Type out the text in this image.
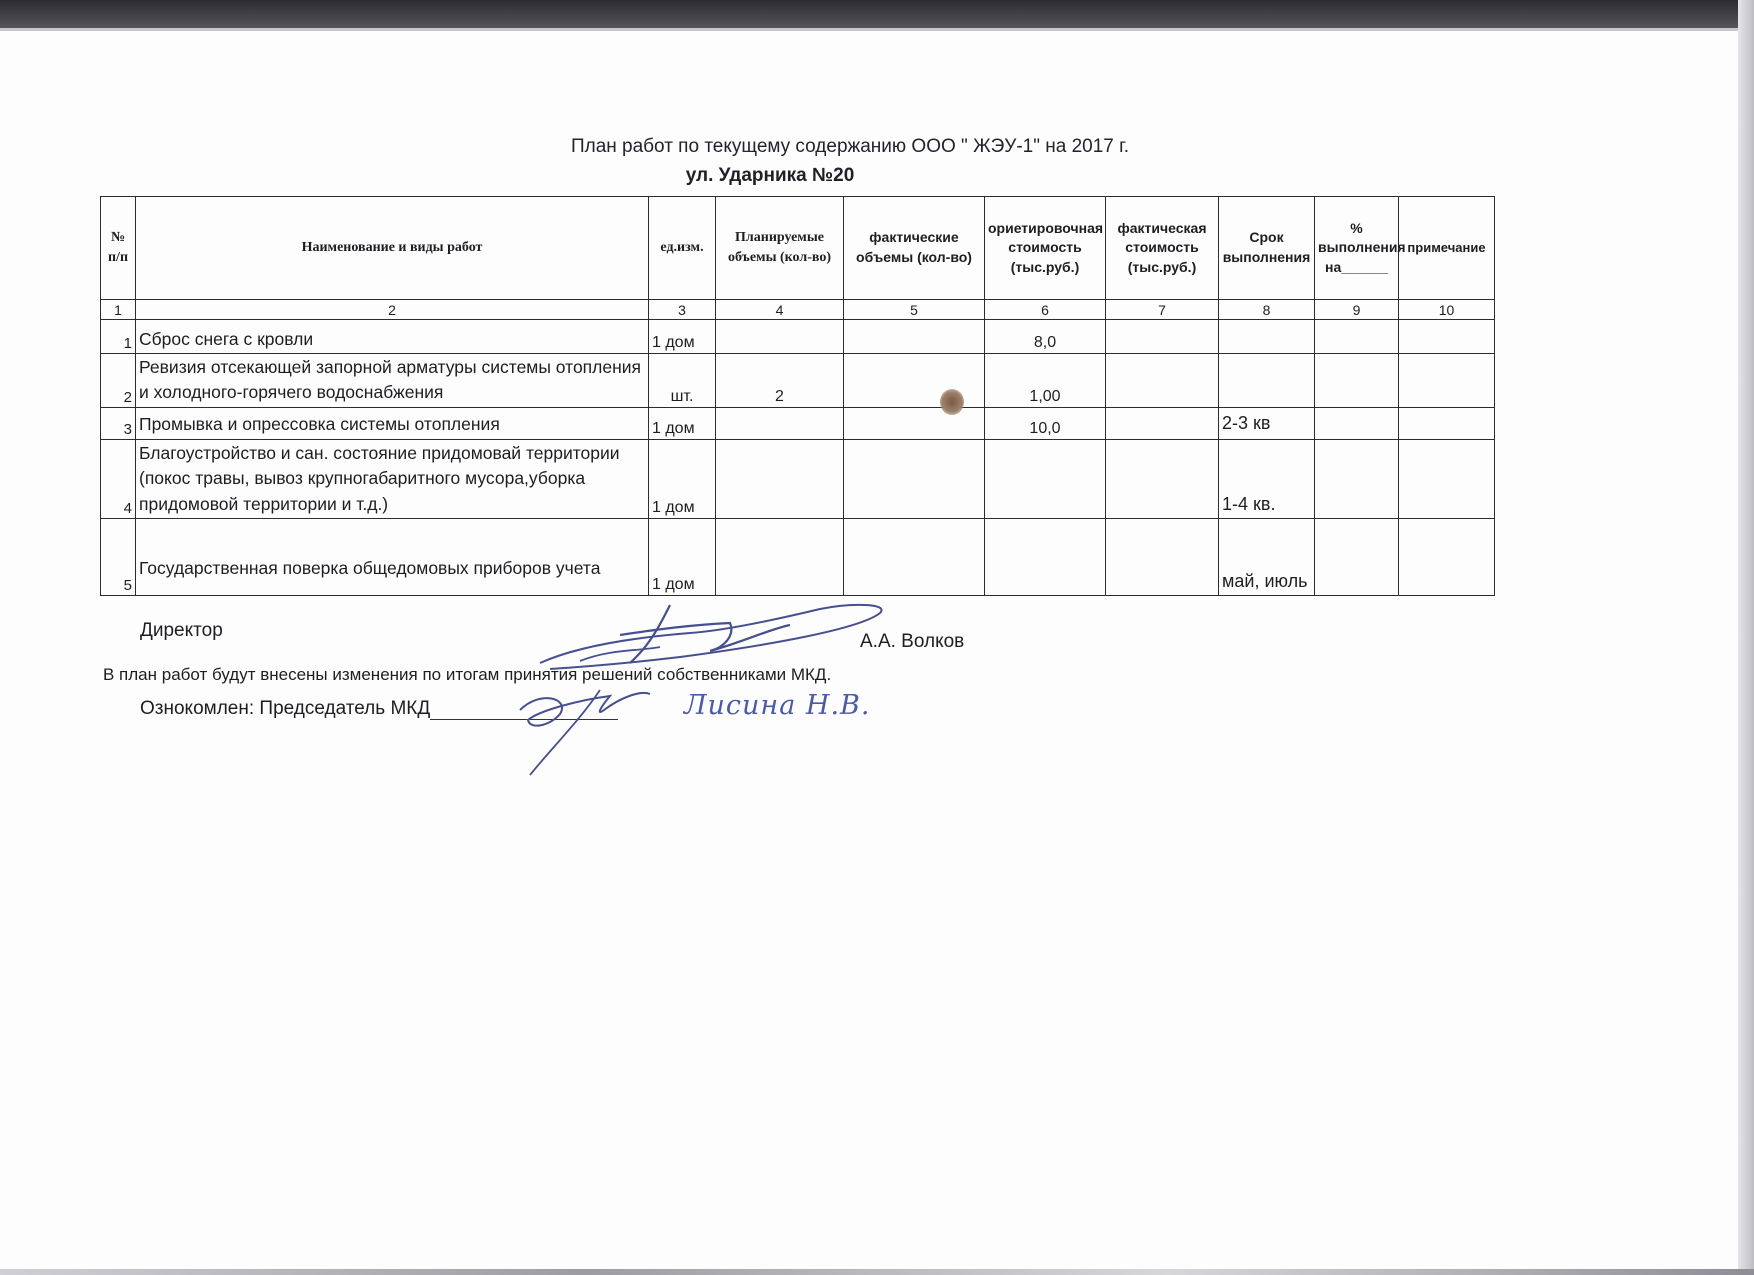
План работ по текущему содержанию ООО " ЖЭУ-1" на 2017 г.
ул. Ударника №20
№ п/п	Наименование и виды работ	ед.изм.	Планируемые объемы (кол-во)	фактические объемы (кол-во)	ориетировочная стоимость (тыс.руб.)	фактическая стоимость (тыс.руб.)	Срок выполнения	% выполнения на______	примечание
1	2	3	4	5	6	7	8	9	10
1	Сброс снега с кровли	1 дом			8,0				
2	Ревизия отсекающей запорной арматуры системы отопления и холодного-горячего водоснабжения	шт.	2		1,00				
3	Промывка и опрессовка системы отопления	1 дом			10,0		2-3 кв		
4	Благоустройство и сан. состояние придомовай территории (покос травы, вывоз крупногабаритного мусора,уборка придомовой территории и т.д.)	1 дом					1-4 кв.		
5	Государственная поверка общедомовых приборов учета	1 дом					май, июль		
Директор
А.А. Волков
В план работ будут внесены изменения по итогам принятия решений собственниками МКД.
Ознокомлен: Председатель МКД	Лисина Н.В.
